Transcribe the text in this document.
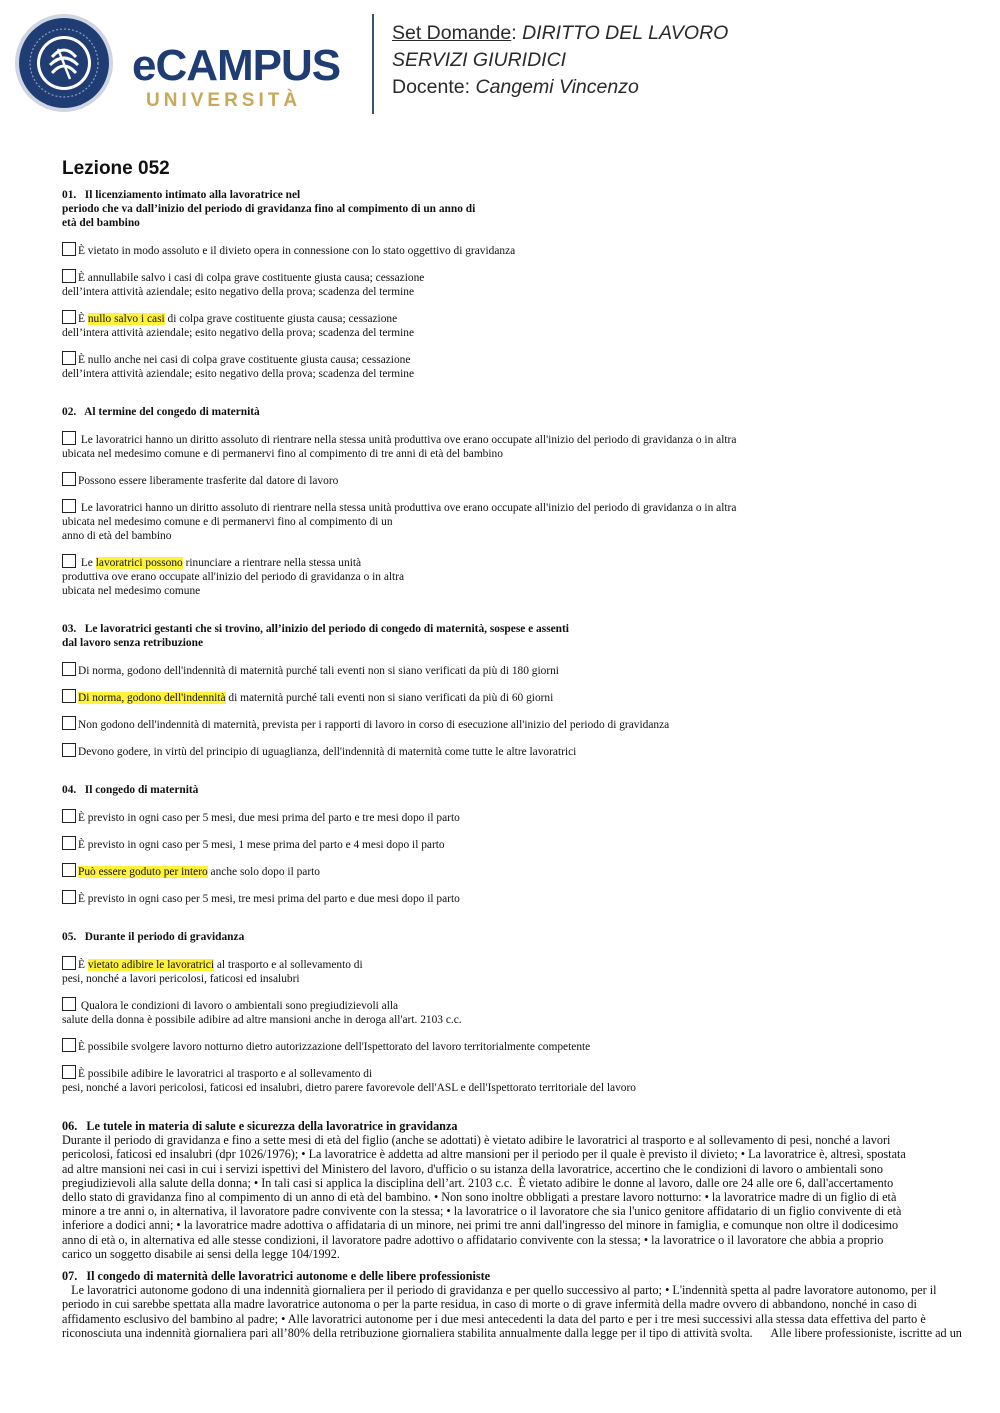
eCAMPUS
UNIVERSITÀ
Set Domande: DIRITTO DEL LAVORO
SERVIZI GIURIDICI
Docente: Cangemi Vincenzo
Lezione 052
01. Il licenziamento intimato alla lavoratrice nel
periodo che va dall’inizio del periodo di gravidanza fino al compimento di un anno di
età del bambino
È vietato in modo assoluto e il divieto opera in connessione con lo stato oggettivo di gravidanza
È annullabile salvo i casi di colpa grave costituente giusta causa; cessazione
dell’intera attività aziendale; esito negativo della prova; scadenza del termine
È nullo salvo i casi di colpa grave costituente giusta causa; cessazione
dell’intera attività aziendale; esito negativo della prova; scadenza del termine
È nullo anche nei casi di colpa grave costituente giusta causa; cessazione
dell’intera attività aziendale; esito negativo della prova; scadenza del termine
02. Al termine del congedo di maternità
Le lavoratrici hanno un diritto assoluto di rientrare nella stessa unità produttiva ove erano occupate all'inizio del periodo di gravidanza o in altra
ubicata nel medesimo comune e di permanervi fino al compimento di tre anni di età del bambino
Possono essere liberamente trasferite dal datore di lavoro
Le lavoratrici hanno un diritto assoluto di rientrare nella stessa unità produttiva ove erano occupate all'inizio del periodo di gravidanza o in altra
ubicata nel medesimo comune e di permanervi fino al compimento di un
anno di età del bambino
Le lavoratrici possono rinunciare a rientrare nella stessa unità
produttiva ove erano occupate all'inizio del periodo di gravidanza o in altra
ubicata nel medesimo comune
03. Le lavoratrici gestanti che si trovino, all’inizio del periodo di congedo di maternità, sospese e assenti
dal lavoro senza retribuzione
Di norma, godono dell'indennità di maternità purché tali eventi non si siano verificati da più di 180 giorni
Di norma, godono dell'indennità di maternità purché tali eventi non si siano verificati da più di 60 giorni
Non godono dell'indennità di maternità, prevista per i rapporti di lavoro in corso di esecuzione all'inizio del periodo di gravidanza
Devono godere, in virtù del principio di uguaglianza, dell'indennità di maternità come tutte le altre lavoratrici
04. Il congedo di maternità
È previsto in ogni caso per 5 mesi, due mesi prima del parto e tre mesi dopo il parto
È previsto in ogni caso per 5 mesi, 1 mese prima del parto e 4 mesi dopo il parto
Può essere goduto per intero anche solo dopo il parto
È previsto in ogni caso per 5 mesi, tre mesi prima del parto e due mesi dopo il parto
05. Durante il periodo di gravidanza
È vietato adibire le lavoratrici al trasporto e al sollevamento di
pesi, nonché a lavori pericolosi, faticosi ed insalubri
Qualora le condizioni di lavoro o ambientali sono pregiudizievoli alla
salute della donna è possibile adibire ad altre mansioni anche in deroga all'art. 2103 c.c.
È possibile svolgere lavoro notturno dietro autorizzazione dell'Ispettorato del lavoro territorialmente competente
È possibile adibire le lavoratrici al trasporto e al sollevamento di
pesi, nonché a lavori pericolosi, faticosi ed insalubri, dietro parere favorevole dell'ASL e dell'Ispettorato territoriale del lavoro
06. Le tutele in materia di salute e sicurezza della lavoratrice in gravidanza
Durante il periodo di gravidanza e fino a sette mesi di età del figlio (anche se adottati) è vietato adibire le lavoratrici al trasporto e al sollevamento di pesi, nonché a lavori
pericolosi, faticosi ed insalubri (dpr 1026/1976); • La lavoratrice è addetta ad altre mansioni per il periodo per il quale è previsto il divieto; • La lavoratrice è, altresì, spostata
ad altre mansioni nei casi in cui i servizi ispettivi del Ministero del lavoro, d'ufficio o su istanza della lavoratrice, accertino che le condizioni di lavoro o ambientali sono
pregiudizievoli alla salute della donna; • In tali casi si applica la disciplina dell’art. 2103 c.c.  È vietato adibire le donne al lavoro, dalle ore 24 alle ore 6, dall'accertamento
dello stato di gravidanza fino al compimento di un anno di età del bambino. • Non sono inoltre obbligati a prestare lavoro notturno: • la lavoratrice madre di un figlio di età
minore a tre anni o, in alternativa, il lavoratore padre convivente con la stessa; • la lavoratrice o il lavoratore che sia l'unico genitore affidatario di un figlio convivente di età
inferiore a dodici anni; • la lavoratrice madre adottiva o affidataria di un minore, nei primi tre anni dall'ingresso del minore in famiglia, e comunque non oltre il dodicesimo
anno di età o, in alternativa ed alle stesse condizioni, il lavoratore padre adottivo o affidatario convivente con la stessa; • la lavoratrice o il lavoratore che abbia a proprio
carico un soggetto disabile ai sensi della legge 104/1992.
07. Il congedo di maternità delle lavoratrici autonome e delle libere professioniste
Le lavoratrici autonome godono di una indennità giornaliera per il periodo di gravidanza e per quello successivo al parto; • L'indennità spetta al padre lavoratore autonomo, per il
periodo in cui sarebbe spettata alla madre lavoratrice autonoma o per la parte residua, in caso di morte o di grave infermità della madre ovvero di abbandono, nonché in caso di
affidamento esclusivo del bambino al padre; • Alle lavoratrici autonome per i due mesi antecedenti la data del parto e per i tre mesi successivi alla stessa data effettiva del parto è
riconosciuta una indennità giornaliera pari all’80% della retribuzione giornaliera stabilita annualmente dalla legge per il tipo di attività svolta.      Alle libere professioniste, iscritte ad un
